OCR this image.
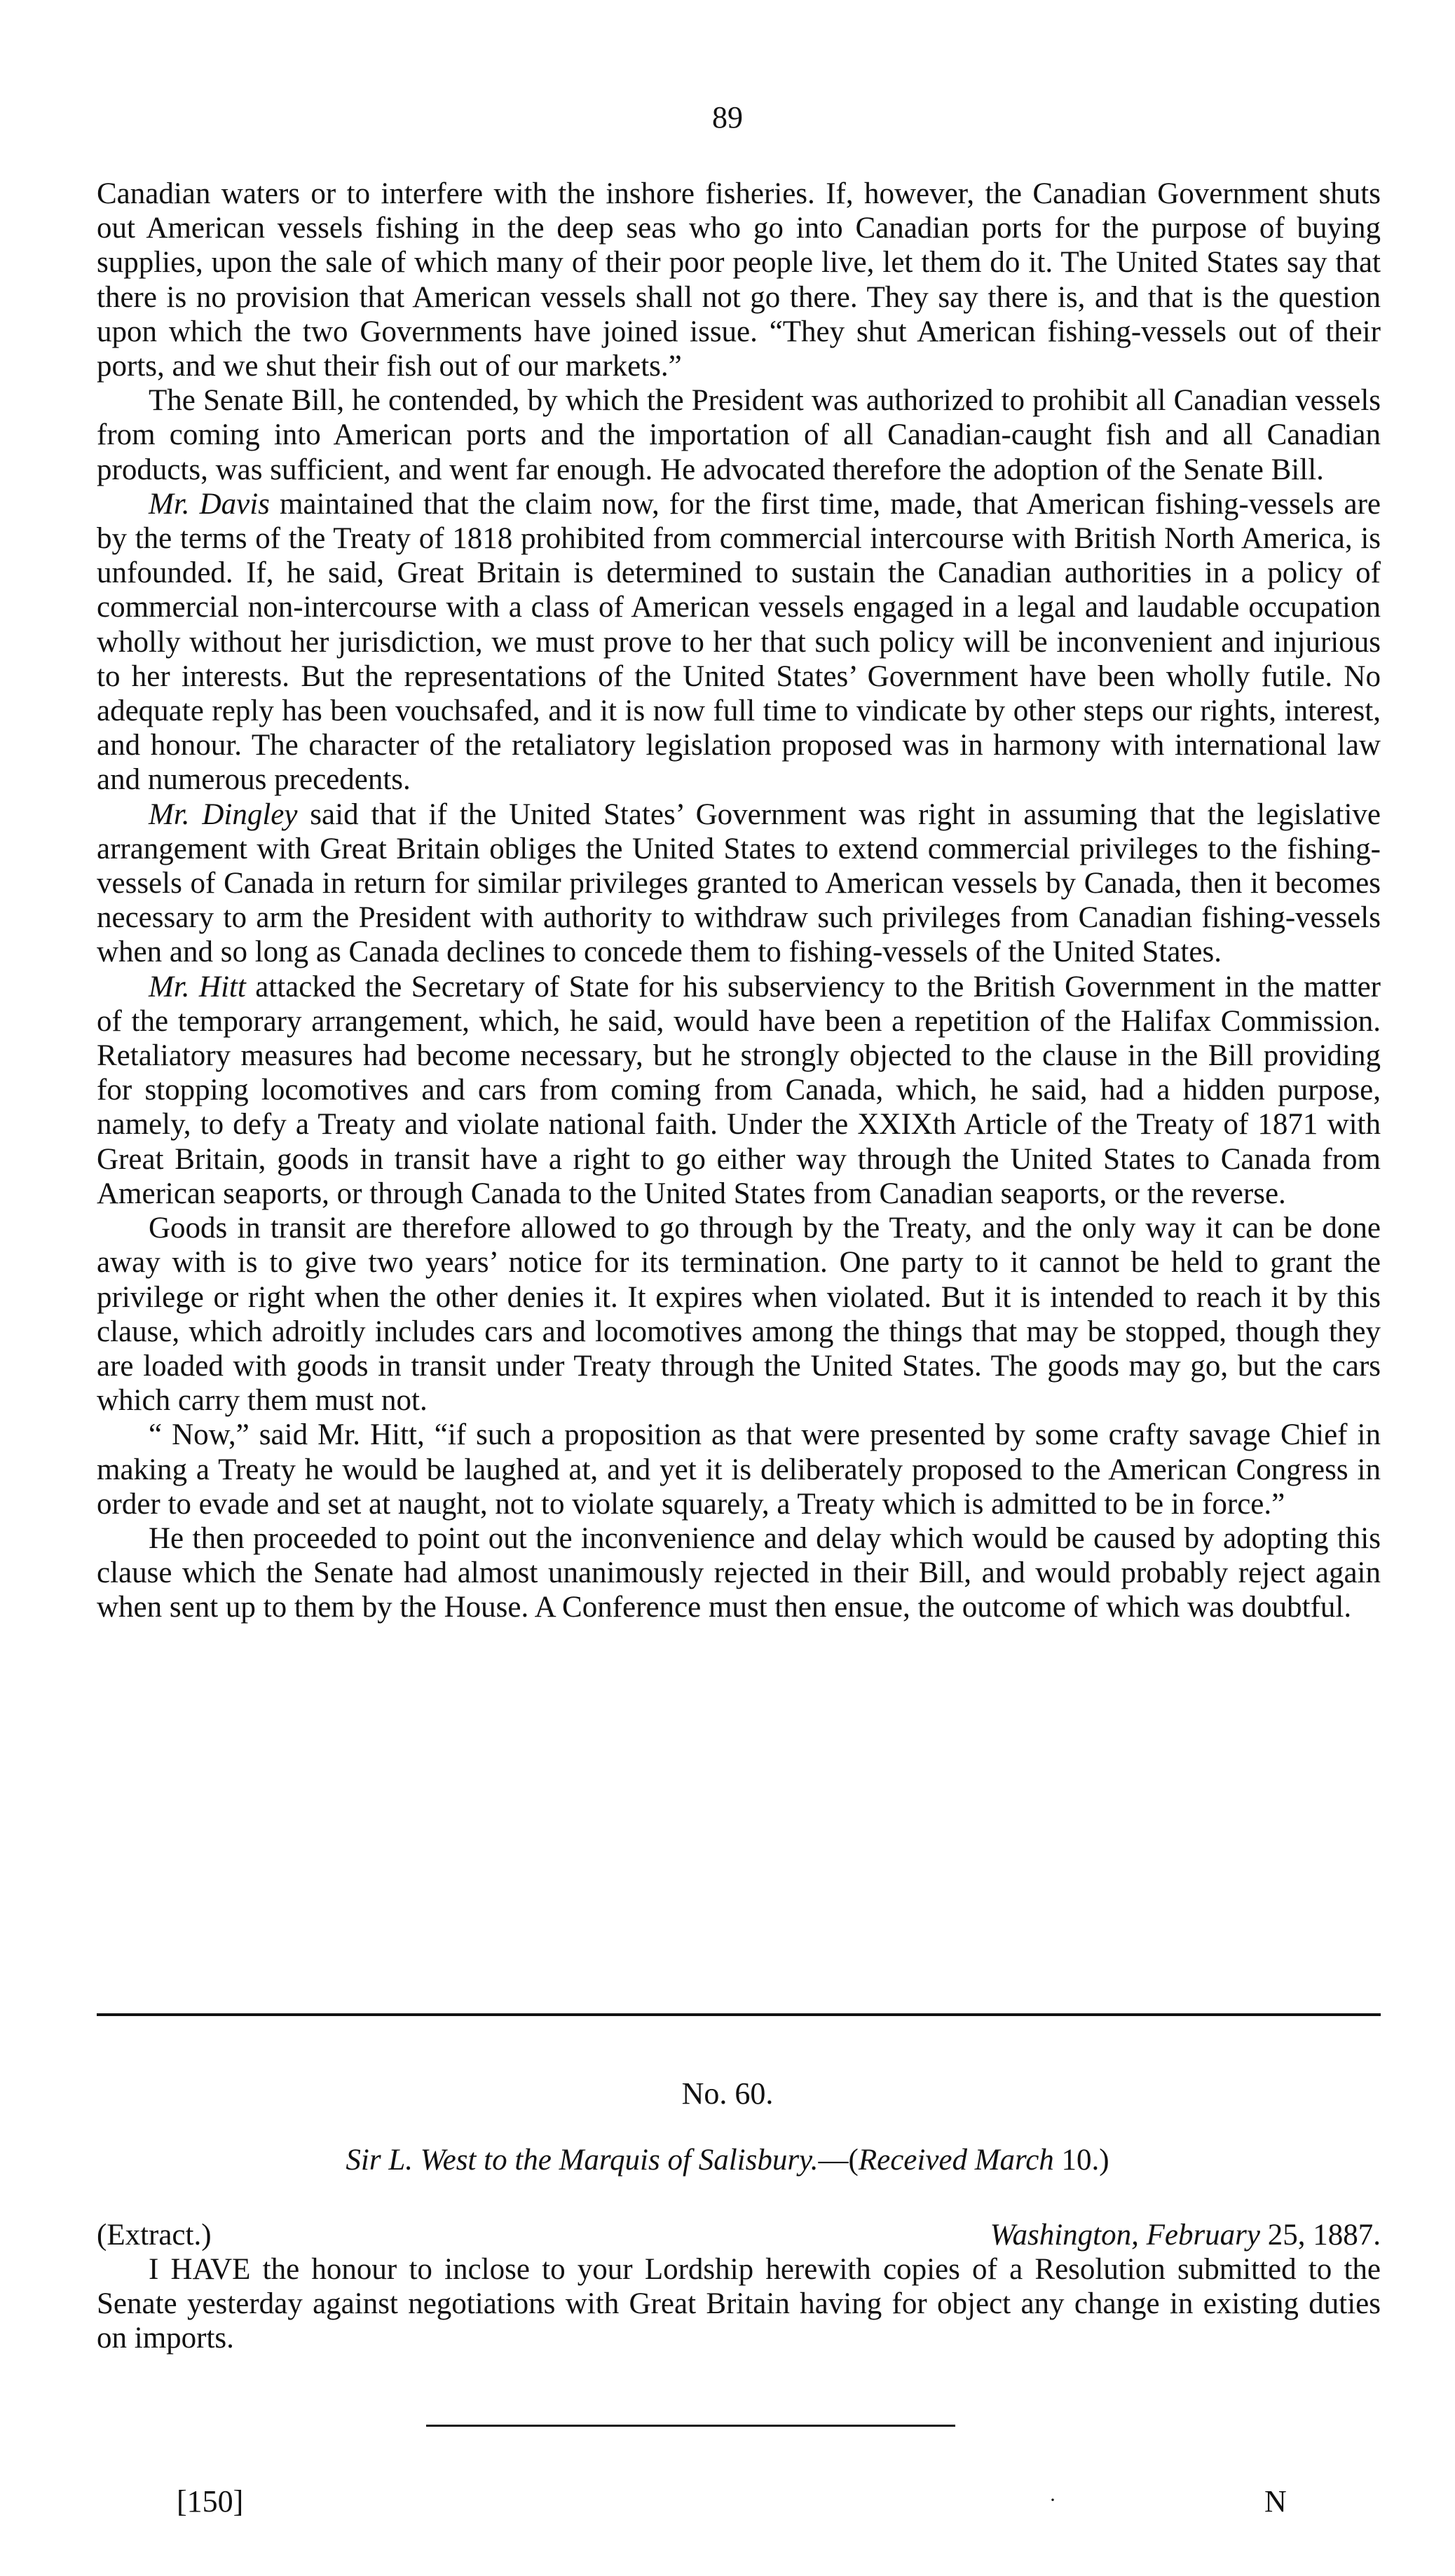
89

Canadian waters or to interfere with the inshore fisheries. If, however, the Canadian Government shuts out American vessels fishing in the deep seas who go into Canadian ports for the purpose of buying supplies, upon the sale of which many of their poor people live, let them do it. The United States say that there is no provision that American vessels shall not go there. They say there is, and that is the question upon which the two Governments have joined issue. “They shut American fishing-vessels out of their ports, and we shut their fish out of our markets.”

The Senate Bill, he contended, by which the President was authorized to prohibit all Canadian vessels from coming into American ports and the importation of all Canadian-caught fish and all Canadian products, was sufficient, and went far enough. He advocated therefore the adoption of the Senate Bill.

Mr. Davis maintained that the claim now, for the first time, made, that American fishing-vessels are by the terms of the Treaty of 1818 prohibited from commercial intercourse with British North America, is unfounded. If, he said, Great Britain is determined to sustain the Canadian authorities in a policy of commercial non-intercourse with a class of American vessels engaged in a legal and laudable occupation wholly without her jurisdiction, we must prove to her that such policy will be inconvenient and injurious to her interests. But the representations of the United States’ Government have been wholly futile. No adequate reply has been vouchsafed, and it is now full time to vindicate by other steps our rights, interest, and honour. The character of the retaliatory legislation proposed was in harmony with international law and numerous precedents.

Mr. Dingley said that if the United States’ Government was right in assuming that the legislative arrangement with Great Britain obliges the United States to extend commercial privileges to the fishing-vessels of Canada in return for similar privileges granted to American vessels by Canada, then it becomes necessary to arm the President with authority to withdraw such privileges from Canadian fishing-vessels when and so long as Canada declines to concede them to fishing-vessels of the United States.

Mr. Hitt attacked the Secretary of State for his subserviency to the British Government in the matter of the temporary arrangement, which, he said, would have been a repetition of the Halifax Commission. Retaliatory measures had become necessary, but he strongly objected to the clause in the Bill providing for stopping locomotives and cars from coming from Canada, which, he said, had a hidden purpose, namely, to defy a Treaty and violate national faith. Under the XXIXth Article of the Treaty of 1871 with Great Britain, goods in transit have a right to go either way through the United States to Canada from American seaports, or through Canada to the United States from Canadian seaports, or the reverse.

Goods in transit are therefore allowed to go through by the Treaty, and the only way it can be done away with is to give two years’ notice for its termination. One party to it cannot be held to grant the privilege or right when the other denies it. It expires when violated. But it is intended to reach it by this clause, which adroitly includes cars and locomotives among the things that may be stopped, though they are loaded with goods in transit under Treaty through the United States. The goods may go, but the cars which carry them must not.

“ Now,” said Mr. Hitt, “if such a proposition as that were presented by some crafty savage Chief in making a Treaty he would be laughed at, and yet it is deliberately proposed to the American Congress in order to evade and set at naught, not to violate squarely, a Treaty which is admitted to be in force.”

He then proceeded to point out the inconvenience and delay which would be caused by adopting this clause which the Senate had almost unanimously rejected in their Bill, and would probably reject again when sent up to them by the House. A Conference must then ensue, the outcome of which was doubtful.

No. 60.
Sir L. West to the Marquis of Salisbury.—(Received March 10.)
(Extract.)	Washington, February 25, 1887.

I HAVE the honour to inclose to your Lordship herewith copies of a Resolution submitted to the Senate yesterday against negotiations with Great Britain having for object any change in existing duties on imports.

[150]	·	N
